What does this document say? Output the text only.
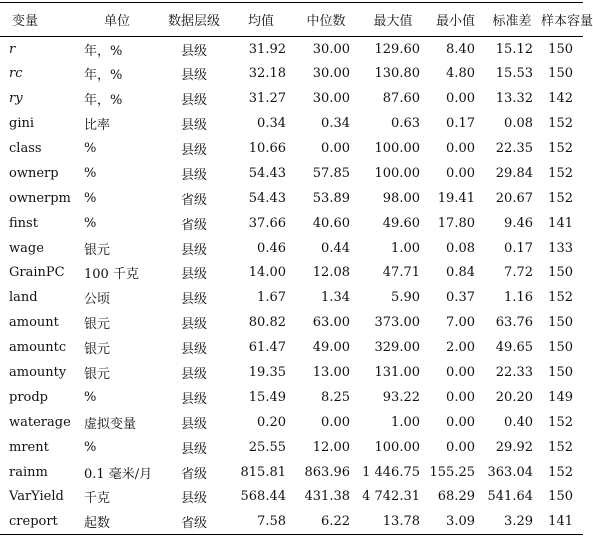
变量	单位	数据层级	均值	中位数	最大值	最小值	标准差	样本容量
r	年，%	县级	31.92	30.00	129.60	8.40	15.12	150
rc	年，%	县级	32.18	30.00	130.80	4.80	15.53	150
ry	年，%	县级	31.27	30.00	87.60	0.00	13.32	142
gini	比率	县级	0.34	0.34	0.63	0.17	0.08	152
class	%	县级	10.66	0.00	100.00	0.00	22.35	152
ownerp	%	县级	54.43	57.85	100.00	0.00	29.84	152
ownerpm	%	省级	54.43	53.89	98.00	19.41	20.67	152
finst	%	省级	37.66	40.60	49.60	17.80	9.46	141
wage	银元	县级	0.46	0.44	1.00	0.08	0.17	133
GrainPC	100 千克	县级	14.00	12.08	47.71	0.84	7.72	150
land	公顷	县级	1.67	1.34	5.90	0.37	1.16	152
amount	银元	县级	80.82	63.00	373.00	7.00	63.76	150
amountc	银元	县级	61.47	49.00	329.00	2.00	49.65	150
amounty	银元	县级	19.35	13.00	131.00	0.00	22.33	150
prodp	%	县级	15.49	8.25	93.22	0.00	20.20	149
waterage	虚拟变量	县级	0.20	0.00	1.00	0.00	0.40	152
mrent	%	县级	25.55	12.00	100.00	0.00	29.92	152
rainm	0.1 毫米/月	省级	815.81	863.96	1 446.75	155.25	363.04	152
VarYield	千克	县级	568.44	431.38	4 742.31	68.29	541.64	150
creport	起数	省级	7.58	6.22	13.78	3.09	3.29	141
